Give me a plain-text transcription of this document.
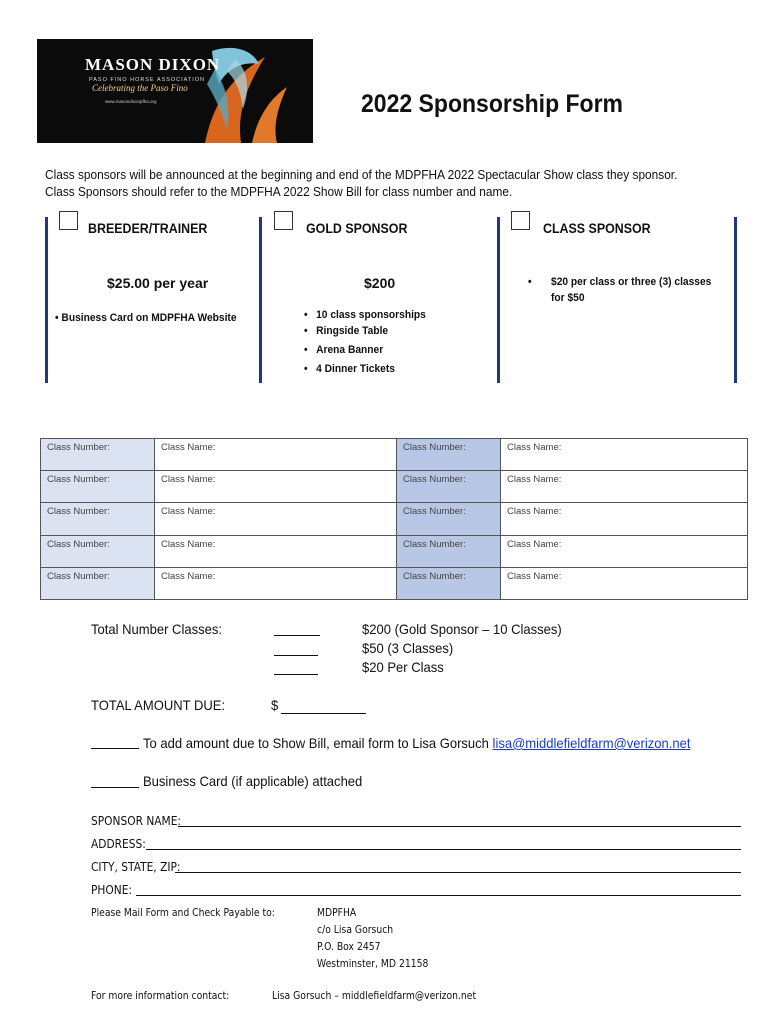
MASON DIXON
PASO FINO HORSE ASSOCIATION
Celebrating the Paso Fino
www.masondixonpfha.org	2022 Sponsorship Form
Class sponsors will be announced at the beginning and end of the MDPFHA 2022 Spectacular Show class they sponsor.
Class Sponsors should refer to the MDPFHA 2022 Show Bill for class number and name.
BREEDER/TRAINER
$25.00 per year
• Business Card on MDPFHA Website
GOLD SPONSOR
$200
•   10 class sponsorships
•   Ringside Table
•   Arena Banner
•   4 Dinner Tickets
CLASS SPONSOR
• $20 per class or three (3) classes
for $50
Class Number:	Class Name:	Class Number:	Class Name:
Class Number:	Class Name:	Class Number:	Class Name:
Class Number:	Class Name:	Class Number:	Class Name:
Class Number:	Class Name:	Class Number:	Class Name:
Class Number:	Class Name:	Class Number:	Class Name:
Total Number Classes:	$200 (Gold Sponsor – 10 Classes)
$50 (3 Classes)
$20 Per Class
TOTAL AMOUNT DUE:	$
To add amount due to Show Bill, email form to Lisa Gorsuch lisa@middlefieldfarm@verizon.net
Business Card (if applicable) attached
SPONSOR NAME:
ADDRESS:
CITY, STATE, ZIP:
PHONE:
Please Mail Form and Check Payable to:	MDPFHA
c/o Lisa Gorsuch
P.O. Box 2457
Westminster, MD 21158
For more information contact:	Lisa Gorsuch – middlefieldfarm@verizon.net
